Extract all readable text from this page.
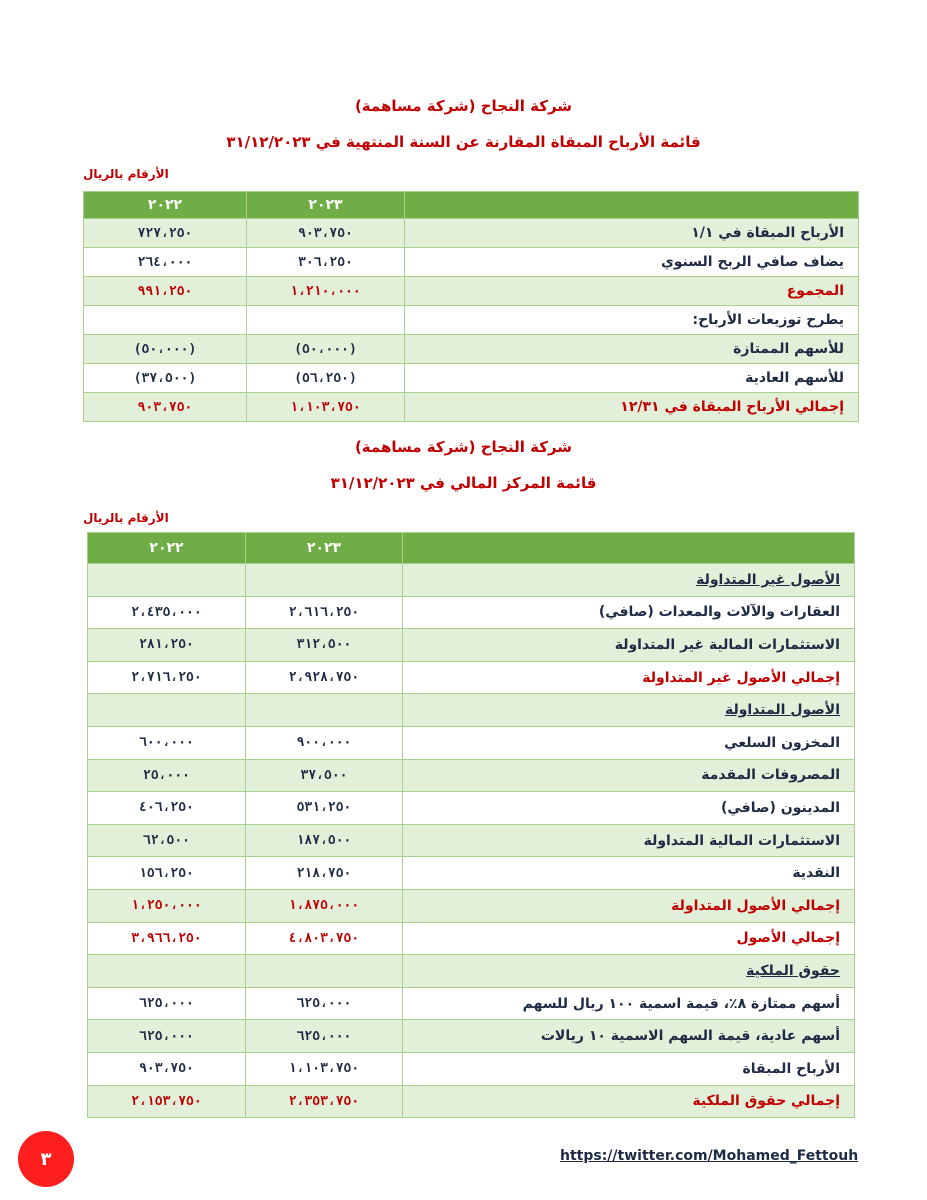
شركة النجاح (شركة مساهمة)
قائمة الأرباح المبقاة المقارنة عن السنة المنتهية في ٣١/١٢/٢٠٢٣
الأرقام بالريال
	٢٠٢٣	٢٠٢٢
الأرباح المبقاة في ١/١	٩٠٣،٧٥٠	٧٢٧،٢٥٠
يضاف صافي الربح السنوي	٣٠٦،٢٥٠	٢٦٤،٠٠٠
المجموع	١،٢١٠،٠٠٠	٩٩١،٢٥٠
يطرح توزيعات الأرباح:		
للأسهم الممتازة	(٥٠،٠٠٠)	(٥٠،٠٠٠)
للأسهم العادية	(٥٦،٢٥٠)	(٣٧،٥٠٠)
إجمالي الأرباح المبقاة في ١٢/٣١	١،١٠٣،٧٥٠	٩٠٣،٧٥٠
شركة النجاح (شركة مساهمة)
قائمة المركز المالي في ٣١/١٢/٢٠٢٣
الأرقام بالريال
	٢٠٢٣	٢٠٢٢
الأصول غير المتداولة		
العقارات والآلات والمعدات (صافي)	٢،٦١٦،٢٥٠	٢،٤٣٥،٠٠٠
الاستثمارات المالية غير المتداولة	٣١٢،٥٠٠	٢٨١،٢٥٠
إجمالي الأصول غير المتداولة	٢،٩٢٨،٧٥٠	٢،٧١٦،٢٥٠
الأصول المتداولة		
المخزون السلعي	٩٠٠،٠٠٠	٦٠٠،٠٠٠
المصروفات المقدمة	٣٧،٥٠٠	٢٥،٠٠٠
المدينون (صافي)	٥٣١،٢٥٠	٤٠٦،٢٥٠
الاستثمارات المالية المتداولة	١٨٧،٥٠٠	٦٢،٥٠٠
النقدية	٢١٨،٧٥٠	١٥٦،٢٥٠
إجمالي الأصول المتداولة	١،٨٧٥،٠٠٠	١،٢٥٠،٠٠٠
إجمالي الأصول	٤،٨٠٣،٧٥٠	٣،٩٦٦،٢٥٠
حقوق الملكية		
أسهم ممتازة ٨٪، قيمة اسمية ١٠٠ ريال للسهم	٦٢٥،٠٠٠	٦٢٥،٠٠٠
أسهم عادية، قيمة السهم الاسمية ١٠ ريالات	٦٢٥،٠٠٠	٦٢٥،٠٠٠
الأرباح المبقاة	١،١٠٣،٧٥٠	٩٠٣،٧٥٠
إجمالي حقوق الملكية	٢،٣٥٣،٧٥٠	٢،١٥٣،٧٥٠
٣	https://twitter.com/Mohamed_Fettouh
